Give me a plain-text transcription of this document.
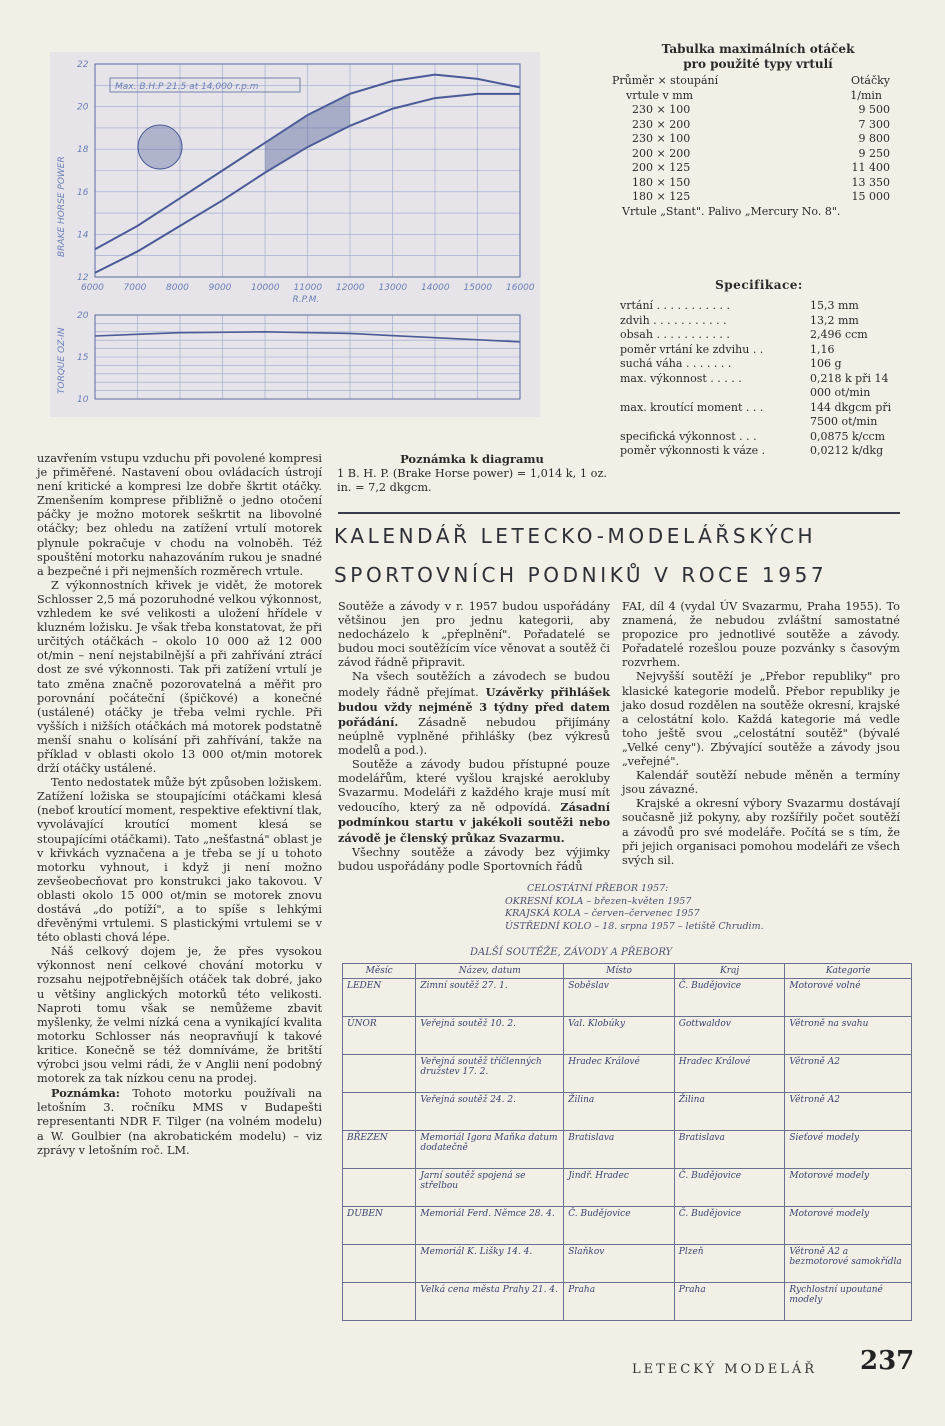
12
14
16
18
20
22
6000 7000 8000 9000 10000 11000 12000 13000 14000 15000 16000
R.P.M.
BRAKE HORSE POWER
Max. B.H.P 21.5 at 14,000 r.p.m
10
15
20
TORQUE OZ-IN
Tabulka maximálních otáček
pro použité typy vrtulí
Průměr × stoupání	Otáčky
vrtule v mm	1/min
230 × 100	9 500
230 × 200	7 300
230 × 100	9 800
200 × 200	9 250
200 × 125	11 400
180 × 150	13 350
180 × 125	15 000
Vrtule „Stant". Palivo „Mercury No. 8".
Specifikace:
vrtání . . . . . . . . . . .	15,3 mm
zdvih . . . . . . . . . . .	13,2 mm
obsah . . . . . . . . . . .	2,496 ccm
poměr vrtání ke zdvihu . .	1,16
suchá váha . . . . . . .	106 g
max. výkonnost . . . . .	0,218 k při 14 000 ot/min
max. kroutící moment . . .	144 dkgcm při 7500 ot/min
specifická výkonnost . . .	0,0875 k/ccm
poměr výkonnosti k váze .	0,0212 k/dkg
Poznámka k diagramu
1 B. H. P. (Brake Horse power) = 1,014 k, 1 oz. in. = 7,2 dkgcm.

uzavřením vstupu vzduchu při povolené kompresi je přiměřené. Nastavení obou ovládacích ústrojí není kritické a kompresi lze dobře škrtit otáčky. Zmenšením komprese přibližně o jedno otočení páčky je možno motorek seškrtit na libovolné otáčky; bez ohledu na zatížení vrtulí motorek plynule pokračuje v chodu na volnoběh. Též spouštění motorku nahazováním rukou je snadné a bezpečné i při nejmenších rozměrech vrtule.

Z výkonnostních křivek je vidět, že motorek Schlosser 2,5 má pozoruhodné velkou výkonnost, vzhledem ke své velikosti a uložení hřídele v kluzném ložisku. Je však třeba konstatovat, že při určitých otáčkách – okolo 10 000 až 12 000 ot/min – není nejstabilnější a při zahřívání ztrácí dost ze své výkonnosti. Tak při zatížení vrtulí je tato změna značně pozorovatelná a měřit pro porovnání počáteční (špičkové) a konečné (ustálené) otáčky je třeba velmi rychle. Při vyšších i nižších otáčkách má motorek podstatně menší snahu o kolísání při zahřívání, takže na příklad v oblasti okolo 13 000 ot/min motorek drží otáčky ustálené.

Tento nedostatek může být způsoben ložiskem. Zatížení ložiska se stoupajícími otáčkami klesá (neboť kroutící moment, respektive efektivní tlak, vyvolávající kroutící moment klesá se stoupajícími otáčkami). Tato „nešťastná" oblast je v křivkách vyznačena a je třeba se jí u tohoto motorku vyhnout, i když ji není možno zevšeobecňovat pro konstrukci jako takovou. V oblasti okolo 15 000 ot/min se motorek znovu dostává „do potíží", a to spíše s lehkými dřevěnými vrtulemi. S plastickými vrtulemi se v této oblasti chová lépe.

Náš celkový dojem je, že přes vysokou výkonnost není celkové chování motorku v rozsahu nejpotřebnějších otáček tak dobré, jako u většiny anglických motorků této velikosti. Naproti tomu však se nemůžeme zbavit myšlenky, že velmi nízká cena a vynikající kvalita motorku Schlosser nás neopravňují k takové kritice. Konečně se též domníváme, že britští výrobci jsou velmi rádi, že v Anglii není podobný motorek za tak nízkou cenu na prodej.

Poznámka: Tohoto motorku používali na letošním 3. ročníku MMS v Budapešti representanti NDR F. Tilger (na volném modelu) a W. Goulbier (na akrobatickém modelu) – viz zprávy v letošním roč. LM.

KALENDÁŘ LETECKO-MODELÁŘSKÝCH
SPORTOVNÍCH PODNIKŮ V ROCE 1957

Soutěže a závody v r. 1957 budou uspořádány většinou jen pro jednu kategorii, aby nedocházelo k „přeplnění". Pořadatelé se budou moci soutěžícím více věnovat a soutěž či závod řádně připravit.

Na všech soutěžích a závodech se budou modely řádně přejímat. Uzávěrky přihlášek budou vždy nejméně 3 týdny před datem pořádání. Zásadně nebudou přijímány neúplně vyplněné přihlášky (bez výkresů modelů a pod.).

Soutěže a závody budou přístupné pouze modelářům, které vyšlou krajské aerokluby Svazarmu. Modeláři z každého kraje musí mít vedoucího, který za ně odpovídá. Zásadní podmínkou startu v jakékoli soutěži nebo závodě je členský průkaz Svazarmu.

Všechny soutěže a závody bez výjimky budou uspořádány podle Sportovních řádů

FAI, díl 4 (vydal ÚV Svazarmu, Praha 1955). To znamená, že nebudou zvláštní samostatné propozice pro jednotlivé soutěže a závody. Pořadatelé rozešlou pouze pozvánky s časovým rozvrhem.

Nejvyšší soutěží je „Přebor republiky" pro klasické kategorie modelů. Přebor republiky je jako dosud rozdělen na soutěže okresní, krajské a celostátní kolo. Každá kategorie má vedle toho ještě svou „celostátní soutěž" (bývalé „Velké ceny"). Zbývající soutěže a závody jsou „veřejné".

Kalendář soutěží nebude měněn a termíny jsou závazné.

Krajské a okresní výbory Svazarmu dostávají současně již pokyny, aby rozšířily počet soutěží a závodů pro své modeláře. Počítá se s tím, že při jejich organisaci pomohou modeláři ze všech svých sil.

CELOSTÁTNÍ PŘEBOR 1957:
OKRESNÍ KOLA – březen–květen 1957
KRAJSKÁ KOLA – červen–červenec 1957
ÚSTŘEDNÍ KOLO – 18. srpna 1957 – letiště Chrudim.
DALŠÍ SOUTĚŽE, ZÁVODY A PŘEBORY
Měsíc	Název, datum	Místo	Kraj	Kategorie
LEDEN	Zimní soutěž 27. 1.	Soběslav	Č. Budějovice	Motorové volné
ÚNOR	Veřejná soutěž 10. 2.	Val. Klobúky	Gottwaldov	Větroně na svahu
	Veřejná soutěž tříčlenných družstev 17. 2.	Hradec Králové	Hradec Králové	Větroně A2
	Veřejná soutěž 24. 2.	Žilina	Žilina	Větroně A2
BŘEZEN	Memoriál Igora Maňka datum dodatečně	Bratislava	Bratislava	Sieťové modely
	Jarní soutěž spojená se střelbou	Jindř. Hradec	Č. Budějovice	Motorové modely
DUBEN	Memoriál Ferd. Němce 28. 4.	Č. Budějovice	Č. Budějovice	Motorové modely
	Memoriál K. Lišky 14. 4.	Slaňkov	Plzeň	Větroně A2 a bezmotorové samokřídla
	Velká cena města Prahy 21. 4.	Praha	Praha	Rychlostní upoutané modely
LETECKÝ MODELÁŘ 237
